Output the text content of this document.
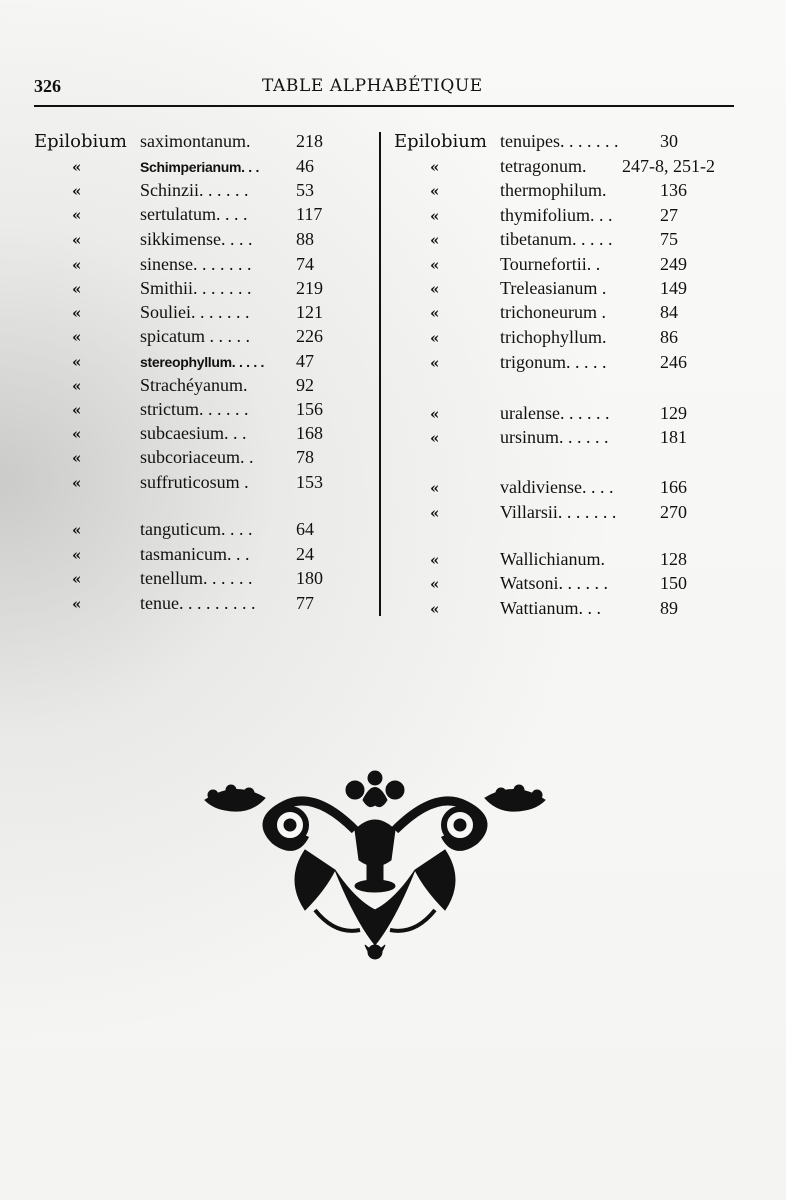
326	TABLE ALPHABÉTIQUE
Epilobium saximontanum.	218
«	Schimperianum. . . 46
«	Schinzii. . . . . .	53
«	sertulatum. . . .	117
«	sikkimense. . . . 88
«	sinense. . . . . . . 74
«	Smithii. . . . . . . 219
«	Souliei. . . . . . .	121
«	spicatum . . . . .	226
«	stereophyllum. . . . . 47
«	Strachéyanum.	92
«	strictum. . . . . .	156
«	subcaesium. . .	168
«	subcoriaceum. . 78
«	suffruticosum .	153
«	tanguticum. . . . 64
«	tasmanicum. . .	24
«	tenellum. . . . . . 180
«	tenue. . . . . . . . . 77
Epilobium tenuipes. . . . . . . 30
«	tetragonum. 247-8, 251-2
«	thermophilum.	136
«	thymifolium. . .	27
«	tibetanum. . . . .	75
«	Tournefortii. .	249
«	Treleasianum .	149
«	trichoneurum .	84
«	trichophyllum.	86
«	trigonum. . . . .	246
«	uralense. . . . . .	129
«	ursinum. . . . . .	181
«	valdiviense. . . .	166
«	Villarsii. . . . . . . 270
«	Wallichianum.	128
«	Watsoni. . . . . .	150
«	Wattianum. . .	89
